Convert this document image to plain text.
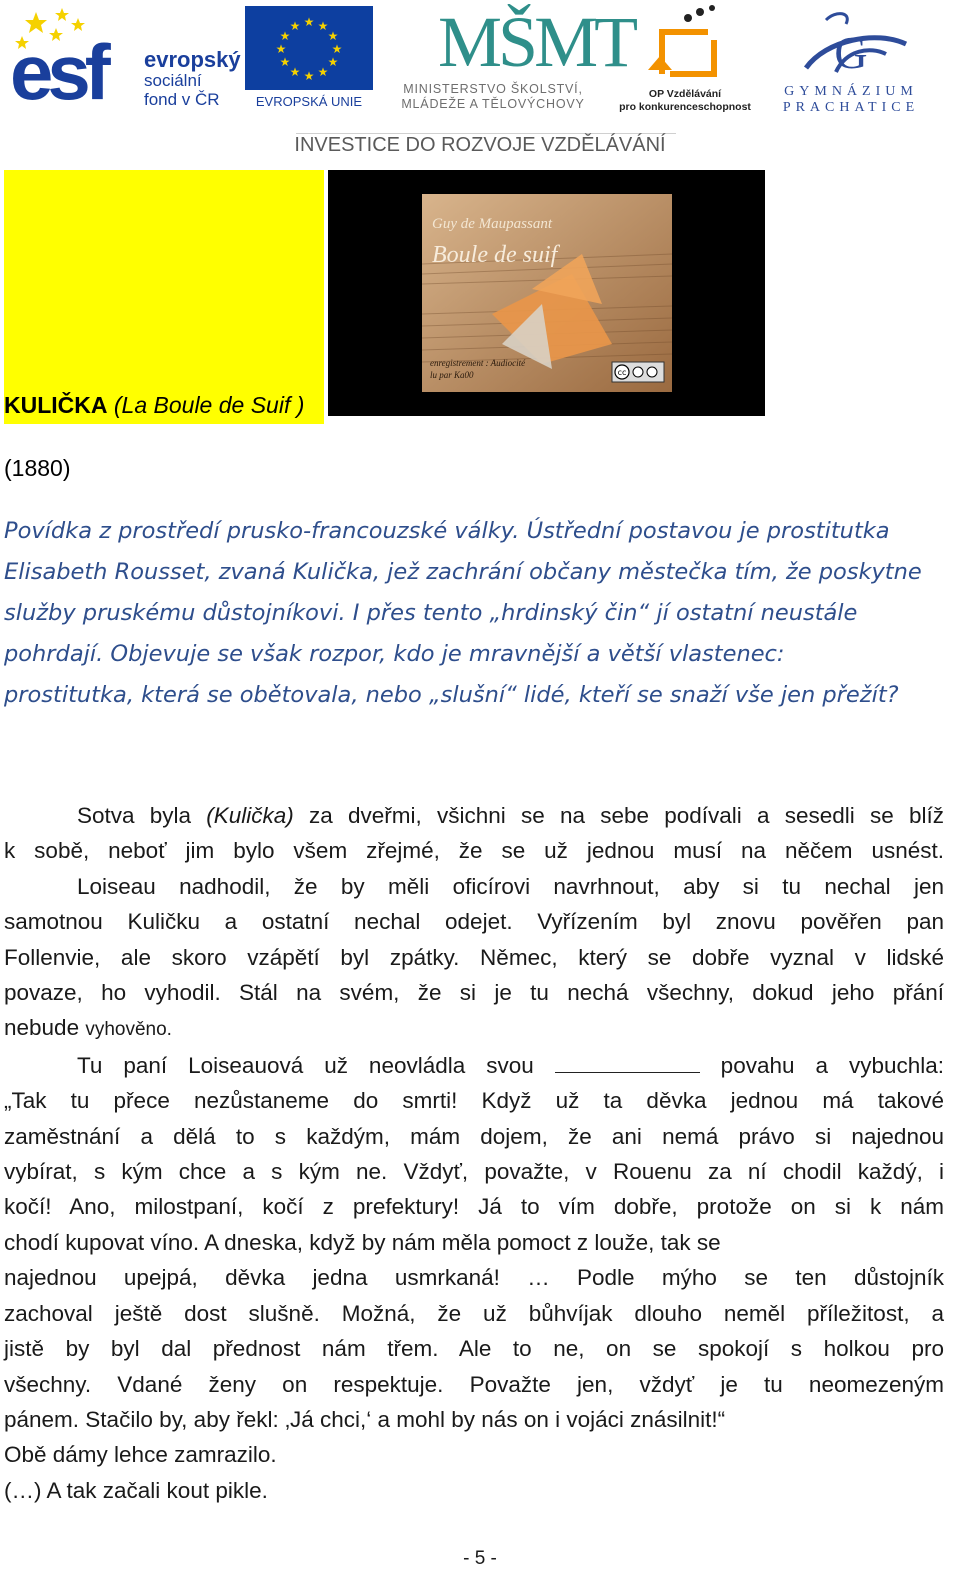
esf evropský
sociální
fond v ČR
★ ★
★
★
★
★
★
★
★
★
★
★
EVROPSKÁ UNIE
MŠMT
MINISTERSTVO ŠKOLSTVÍ,
MLÁDEŽE A TĚLOVÝCHOVY
OP Vzdělávání
pro konkurenceschopnost
G
GYMNÁZIUM
PRACHATICE
INVESTICE DO ROZVOJE VZDĚLÁVÁNÍ
KULIČKA (La Boule de Suif )
Guy de Maupassant
Boule de suif
enregistrement : Audiocité
lu par Ka00	cc
(1880)
Povídka z prostředí prusko-francouzské války. Ústřední postavou je prostitutka
Elisabeth Rousset, zvaná Kulička, jež zachrání občany městečka tím, že poskytne
služby pruskému důstojníkovi. I přes tento „hrdinský čin“ jí ostatní neustále
pohrdají. Objevuje se však rozpor, kdo je mravnější a větší vlastenec:
prostitutka, která se obětovala, nebo „slušní“ lidé, kteří se snaží vše jen přežít?
Sotva byla (Kulička) za dveřmi, všichni se na sebe podívali a sesedli se blíž
k sobě, neboť jim bylo všem zřejmé, že se už jednou musí na něčem usnést.
Loiseau nadhodil, že by měli oficírovi navrhnout, aby si tu nechal jen
samotnou Kuličku a ostatní nechal odejet. Vyřízením byl znovu pověřen pan
Follenvie, ale skoro vzápětí byl zpátky. Němec, který se dobře vyznal v lidské
povaze, ho vyhodil. Stál na svém, že si je tu nechá všechny, dokud jeho přání
nebude vyhověno.
Tu paní Loiseauová už neovládla svou	povahu a vybuchla:
„Tak tu přece nezůstaneme do smrti! Když už ta děvka jednou má takové
zaměstnání a dělá to s každým, mám dojem, že ani nemá právo si najednou
vybírat, s kým chce a s kým ne. Vždyť, považte, v Rouenu za ní chodil každý, i
kočí! Ano, milostpaní, kočí z prefektury! Já to vím dobře, protože on si k nám
chodí kupovat víno. A dneska, když by nám měla pomoct z louže, tak se
najednou upejpá, děvka jedna usmrkaná! … Podle mýho se ten důstojník
zachoval ještě dost slušně. Možná, že už bůhvíjak dlouho neměl příležitost, a
jistě by byl dal přednost nám třem. Ale to ne, on se spokojí s holkou pro
všechny. Vdané ženy on respektuje. Považte jen, vždyť je tu neomezeným
pánem. Stačilo by, aby řekl: ‚Já chci,‘ a mohl by nás on i vojáci znásilnit!“
Obě dámy lehce zamrazilo.
(…) A tak začali kout pikle.
- 5 -
